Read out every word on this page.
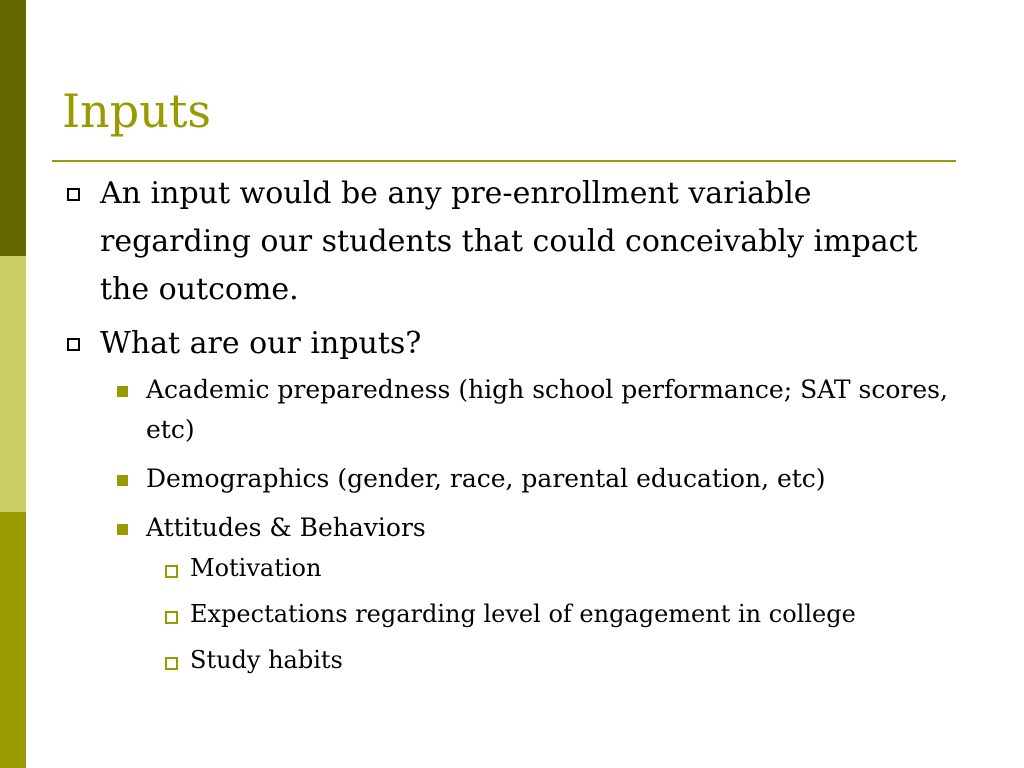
Inputs
An input would be any pre-enrollment variable regarding our students that could conceivably impact the outcome.
What are our inputs?
Academic preparedness (high school performance; SAT scores, etc)
Demographics (gender, race, parental education, etc)
Attitudes & Behaviors
Motivation
Expectations regarding level of engagement in college
Study habits
